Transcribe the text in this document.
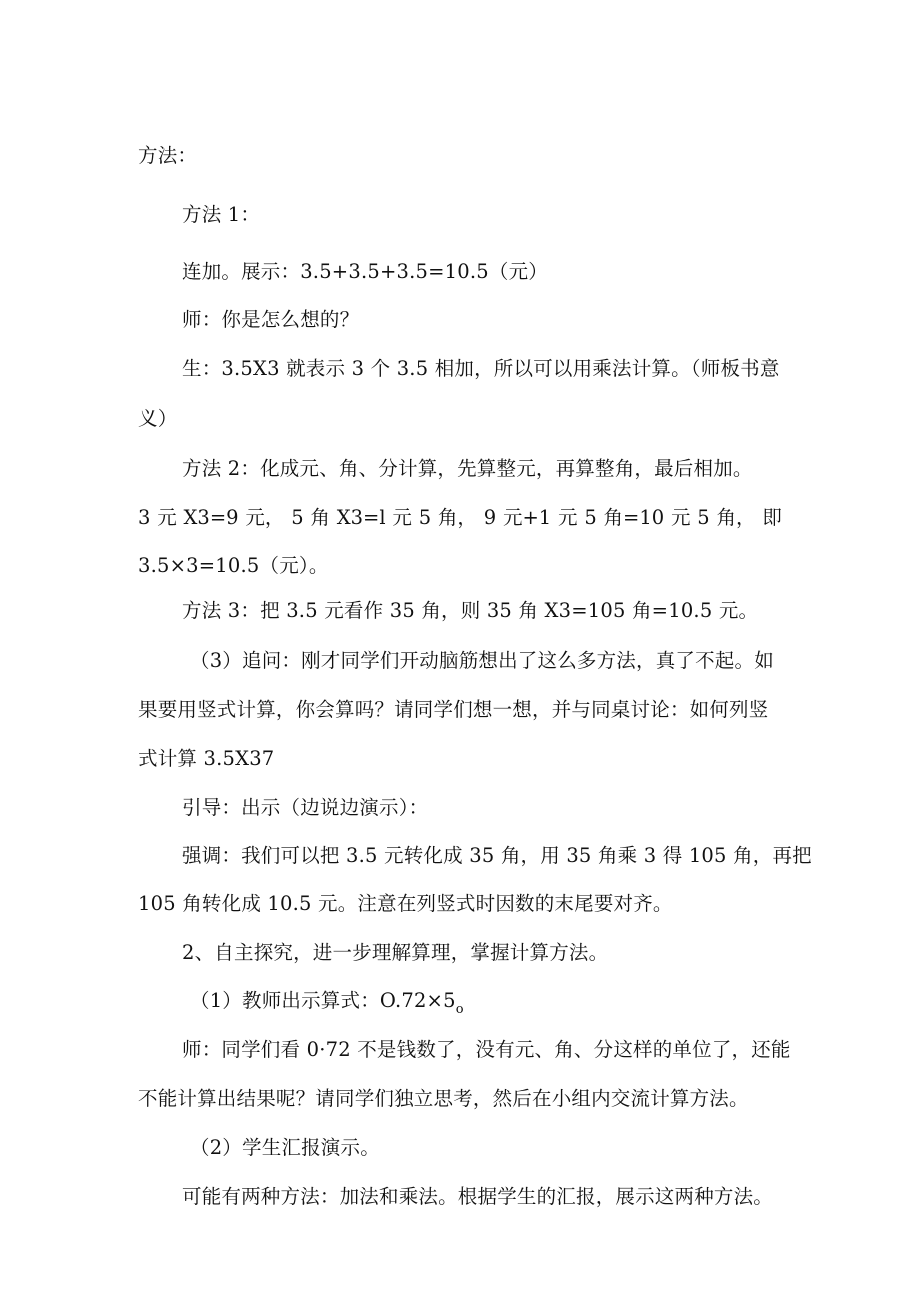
方法：
方法 1：
连加。展示：3.5+3.5+3.5=10.5（元）
师：你是怎么想的？
生：3.5X3 就表示 3 个 3.5 相加，所以可以用乘法计算。（师板书意
义）
方法 2：化成元、角、分计算，先算整元，再算整角，最后相加。
3 元 X3=9 元， 5 角 X3=l 元 5 角， 9 元+1 元 5 角=10 元 5 角， 即
3.5×3=10.5（元）。
方法 3：把 3.5 元看作 35 角，则 35 角 X3=105 角=10.5 元。
（3）追问：刚才同学们开动脑筋想出了这么多方法，真了不起。如
果要用竖式计算，你会算吗？请同学们想一想，并与同桌讨论：如何列竖
式计算 3.5X37
引导：出示（边说边演示）：
强调：我们可以把 3.5 元转化成 35 角，用 35 角乘 3 得 105 角，再把
105 角转化成 10.5 元。注意在列竖式时因数的末尾要对齐。
2、自主探究，进一步理解算理，掌握计算方法。
（1）教师出示算式：$O.72\times 5_o$
师：同学们看 0·72 不是钱数了，没有元、角、分这样的单位了，还能
不能计算出结果呢？请同学们独立思考，然后在小组内交流计算方法。
（2）学生汇报演示。
可能有两种方法：加法和乘法。根据学生的汇报，展示这两种方法。
